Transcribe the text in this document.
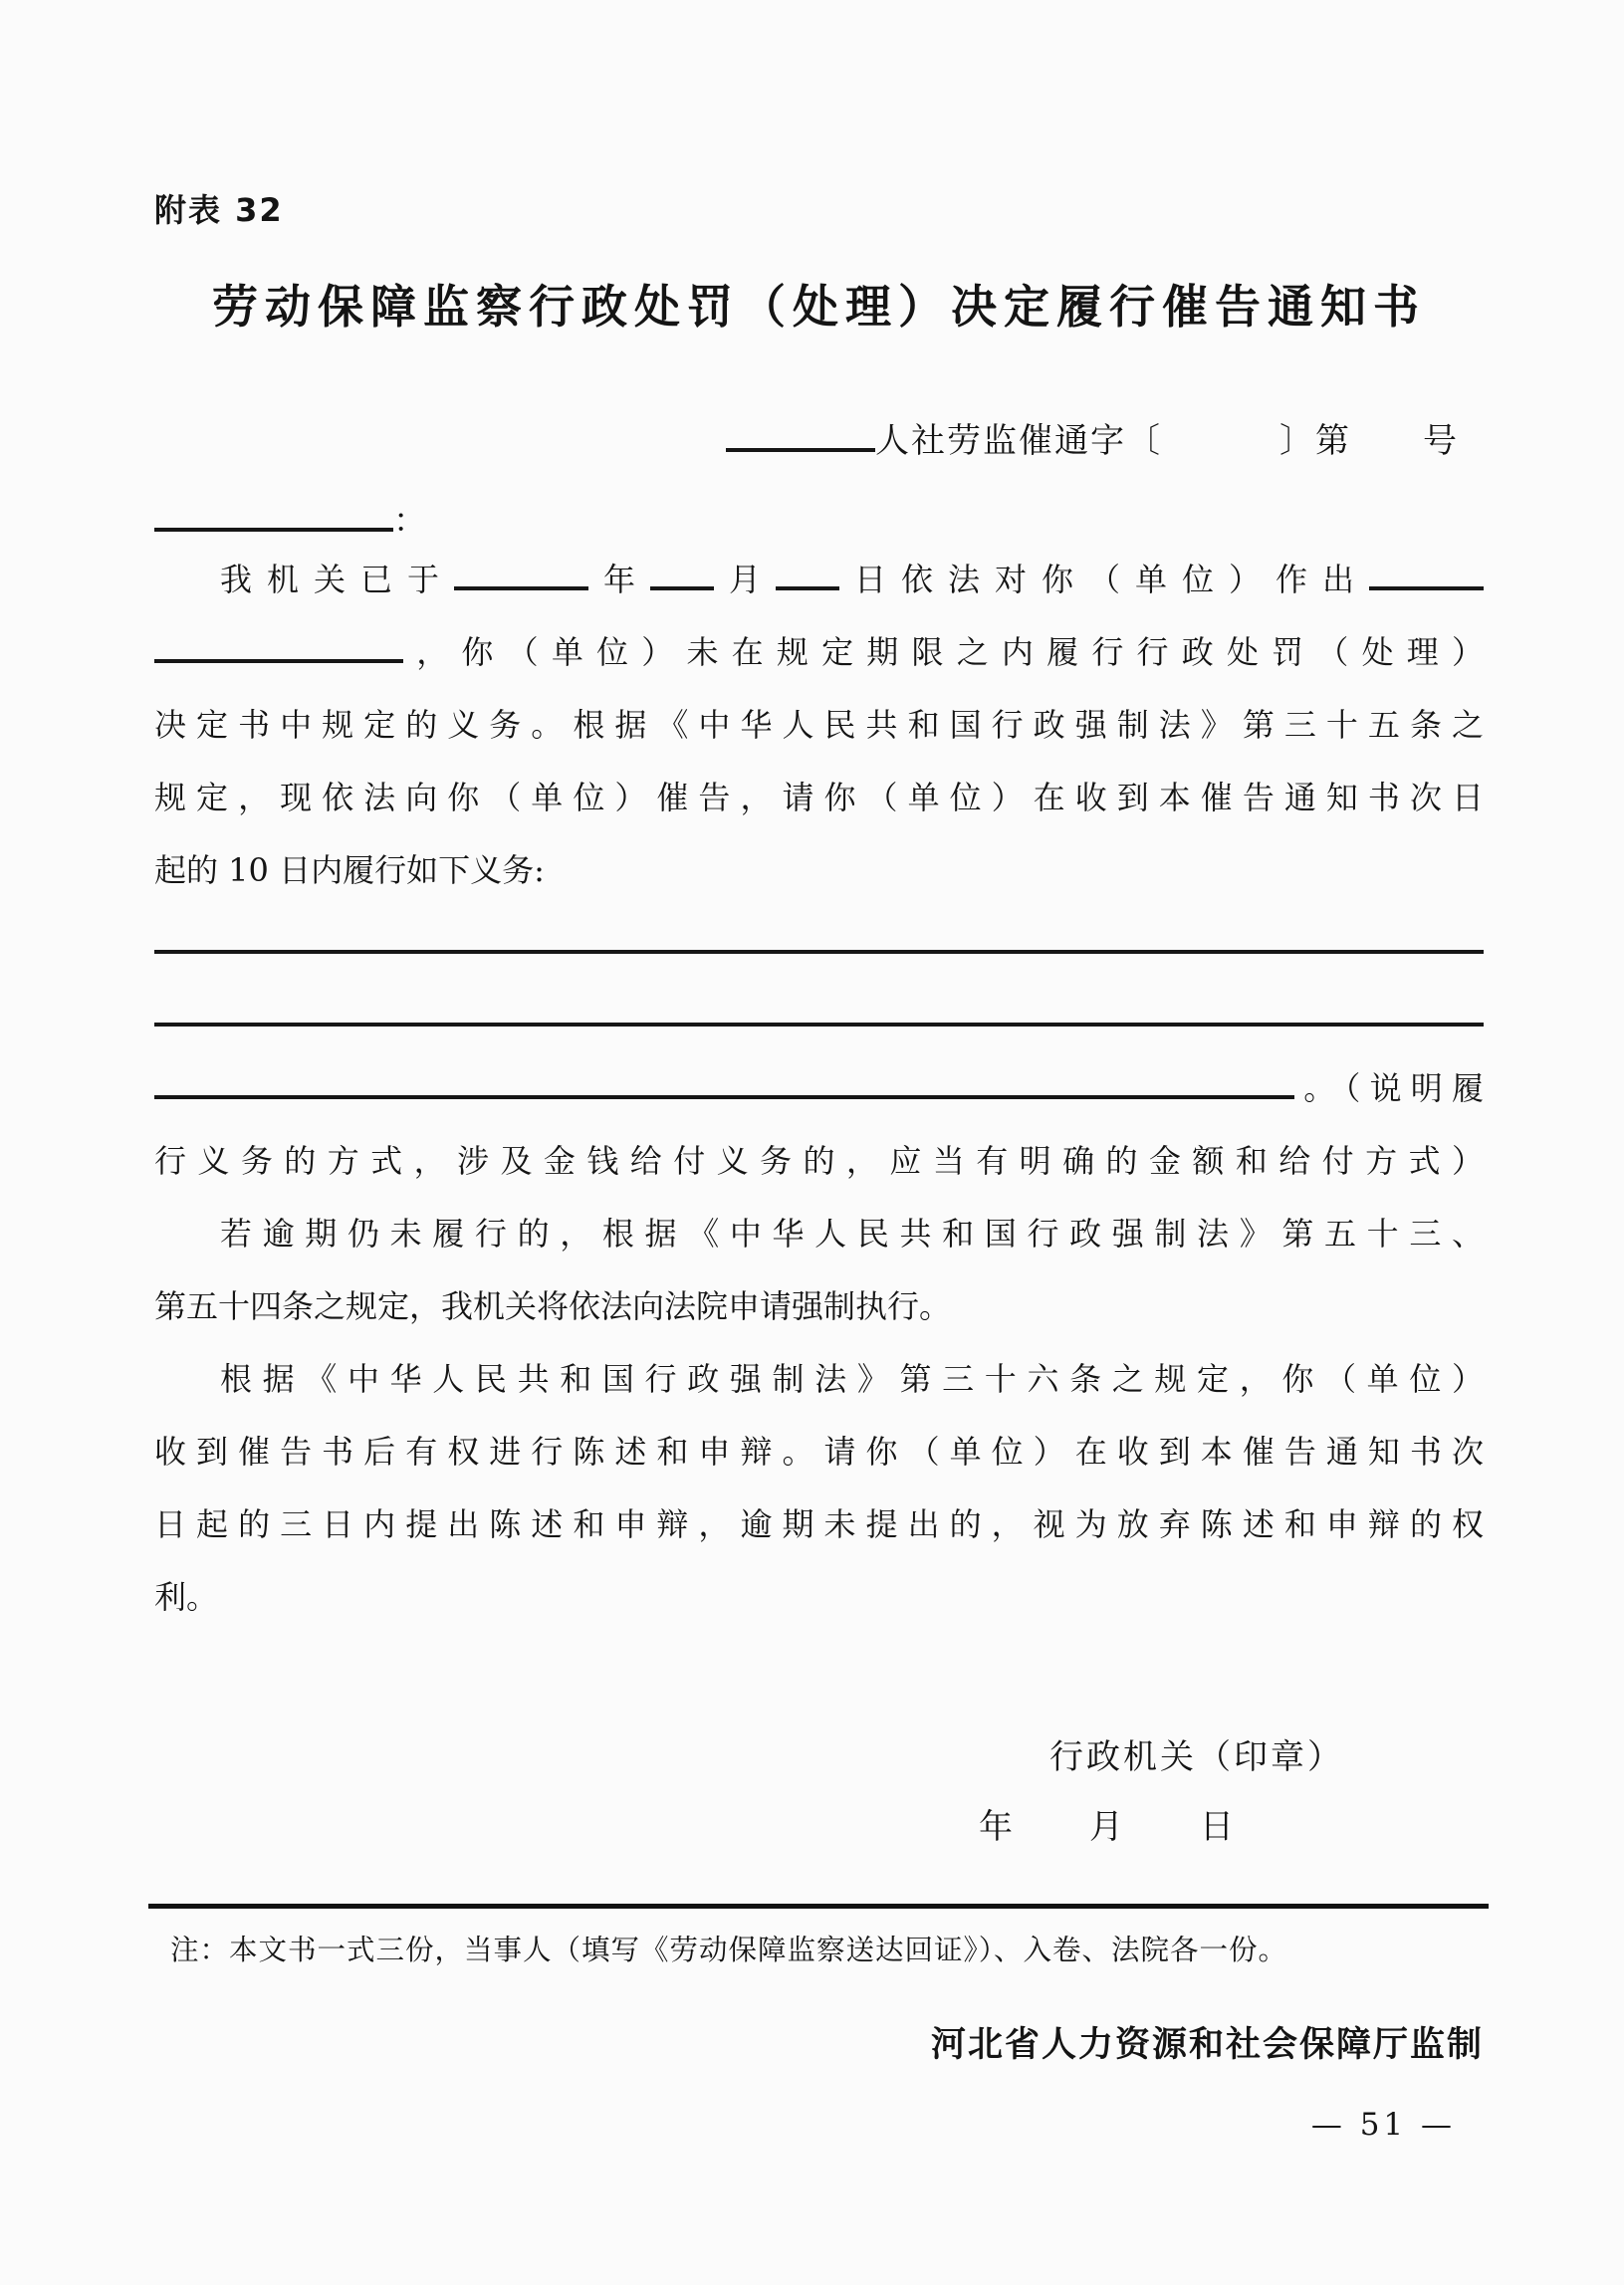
附表 32
劳动保障监察行政处罚（处理）决定履行催告通知书
人社劳监催通字〔	〕第 号
：
我机关已于	年 月 日依法对你（单位）作出
，你（单位）未在规定期限之内履行行政处罚（处理）
决定书中规定的义务。根据《中华人民共和国行政强制法》第三十五条之
规定，现依法向你（单位）催告，请你（单位）在收到本催告通知书次日
起的 10 日内履行如下义务:
。（说明履
行义务的方式，涉及金钱给付义务的，应当有明确的金额和给付方式）
若逾期仍未履行的，根据《中华人民共和国行政强制法》第五十三、
第五十四条之规定，我机关将依法向法院申请强制执行。
根据《中华人民共和国行政强制法》第三十六条之规定，你（单位）
收到催告书后有权进行陈述和申辩。请你（单位）在收到本催告通知书次
日起的三日内提出陈述和申辩，逾期未提出的，视为放弃陈述和申辩的权
利。
行政机关（印章）
年　　月　　日
注：本文书一式三份，当事人（填写《劳动保障监察送达回证》）、入卷、法院各一份。
河北省人力资源和社会保障厅监制
— 51 —
